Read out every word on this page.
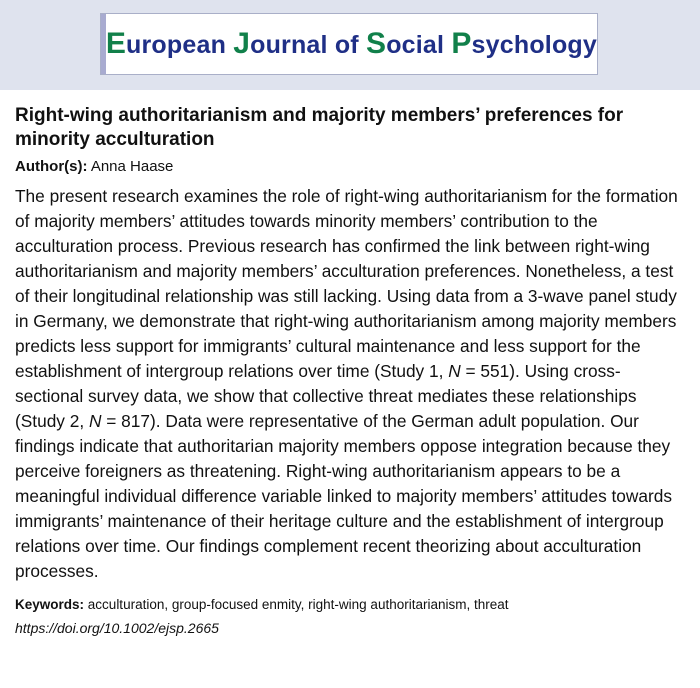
European Journal of Social Psychology
Right-wing authoritarianism and majority members’ preferences for minority acculturation
Author(s): Anna Haase
The present research examines the role of right-wing authoritarianism for the formation of majority members’ attitudes towards minority members’ contribution to the acculturation process. Previous research has confirmed the link between right-wing authoritarianism and majority members’ acculturation preferences. Nonetheless, a test of their longitudinal relationship was still lacking. Using data from a 3-wave panel study in Germany, we demonstrate that right-wing authoritarianism among majority members predicts less support for immigrants’ cultural maintenance and less support for the establishment of intergroup relations over time (Study 1, N = 551). Using cross-sectional survey data, we show that collective threat mediates these relationships (Study 2, N = 817). Data were representative of the German adult population. Our findings indicate that authoritarian majority members oppose integration because they perceive foreigners as threatening. Right-wing authoritarianism appears to be a meaningful individual difference variable linked to majority members’ attitudes towards immigrants’ maintenance of their heritage culture and the establishment of intergroup relations over time. Our findings complement recent theorizing about acculturation processes.
Keywords: acculturation, group-focused enmity, right-wing authoritarianism, threat
https://doi.org/10.1002/ejsp.2665
